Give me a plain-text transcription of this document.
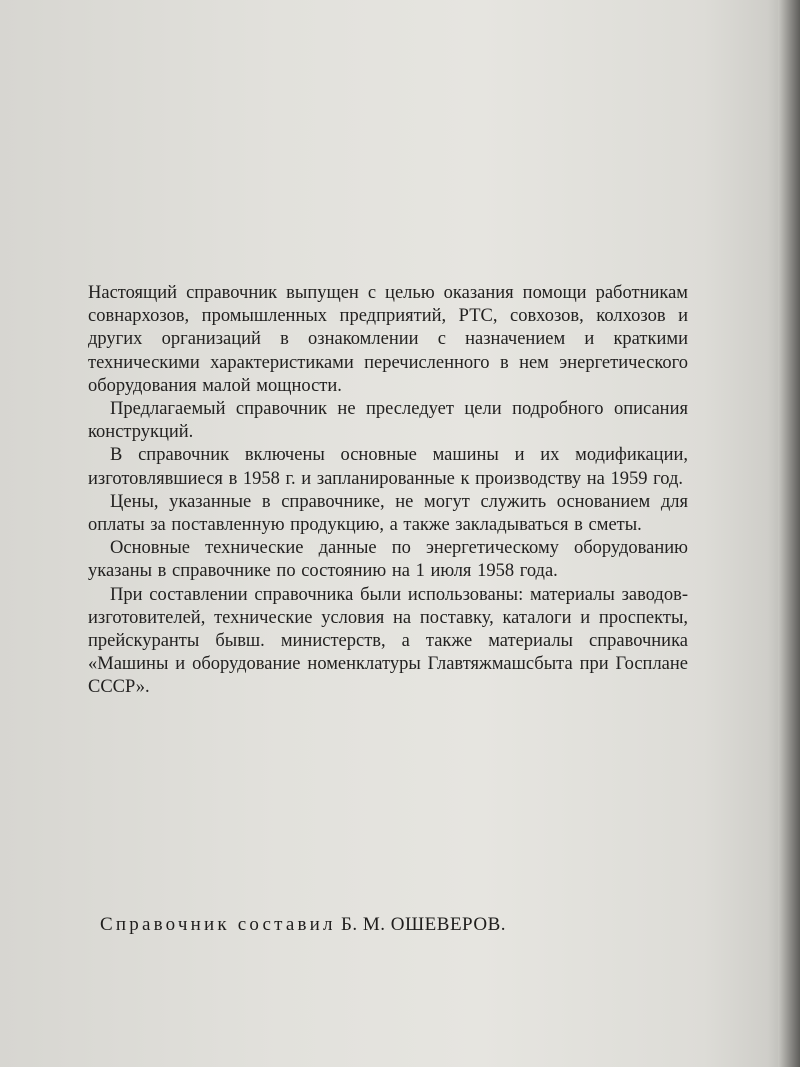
Настоящий справочник выпущен с целью оказания помощи работникам совнархозов, промышленных предприятий, РТС, совхозов, колхозов и других организаций в ознакомлении с назначением и краткими техническими характеристиками перечисленного в нем энергетического оборудования малой мощности.

Предлагаемый справочник не преследует цели подробного описания конструкций.

В справочник включены основные машины и их модификации, изготовлявшиеся в 1958 г. и запланированные к производству на 1959 год.

Цены, указанные в справочнике, не могут служить основанием для оплаты за поставленную продукцию, а также закладываться в сметы.

Основные технические данные по энергетическому оборудованию указаны в справочнике по состоянию на 1 июля 1958 года.

При составлении справочника были использованы: материалы заводов-изготовителей, технические условия на поставку, каталоги и проспекты, прейскуранты бывш. министерств, а также материалы справочника «Машины и оборудование номенклатуры Главтяжмашсбыта при Госплане СССР».

Справочник составил Б. М. ОШЕВЕРОВ.
